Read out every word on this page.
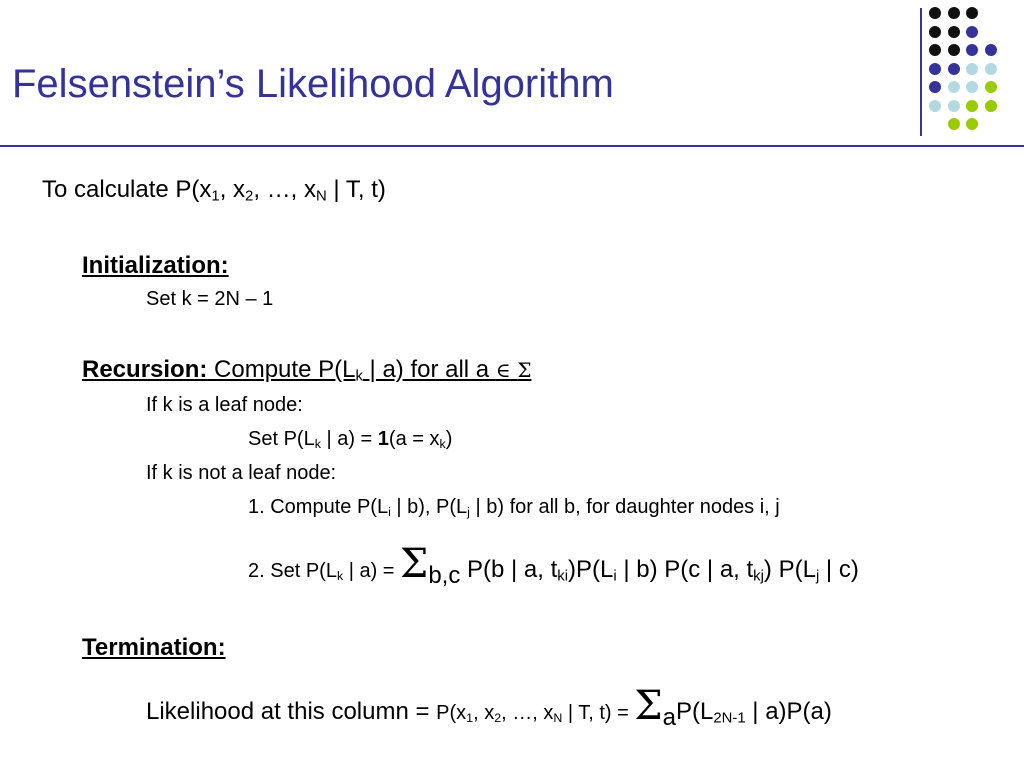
Felsenstein’s Likelihood Algorithm
To calculate $P(x_1$, $x_2$, …, $x_N$ | T, t)
Initialization:
Set k = 2N – 1
Recursion: Compute $P(L_k$ | a) for all a ∈ Σ
If k is a leaf node:
Set $P(L_k$ | $a) = 1(a = x_k)$
If k is not a leaf node:
1. Compute $P(L_i$ | b), $P(L_j$ | b) for all b, for daughter nodes i, j
2. Set $P(L_k$ | $a) = \Sigma_{b,c}$ P(b | a, $t_{ki})P(L_i$ | b) P(c | a, $t_{kj}$) $P(L_j$ | c)
Termination:
Likelihood at this column = $P(x_1$, $x_2$, …, $x_N$ | T, $t) = \Sigma_aP(L_{2N-1}$ | a)P(a)
